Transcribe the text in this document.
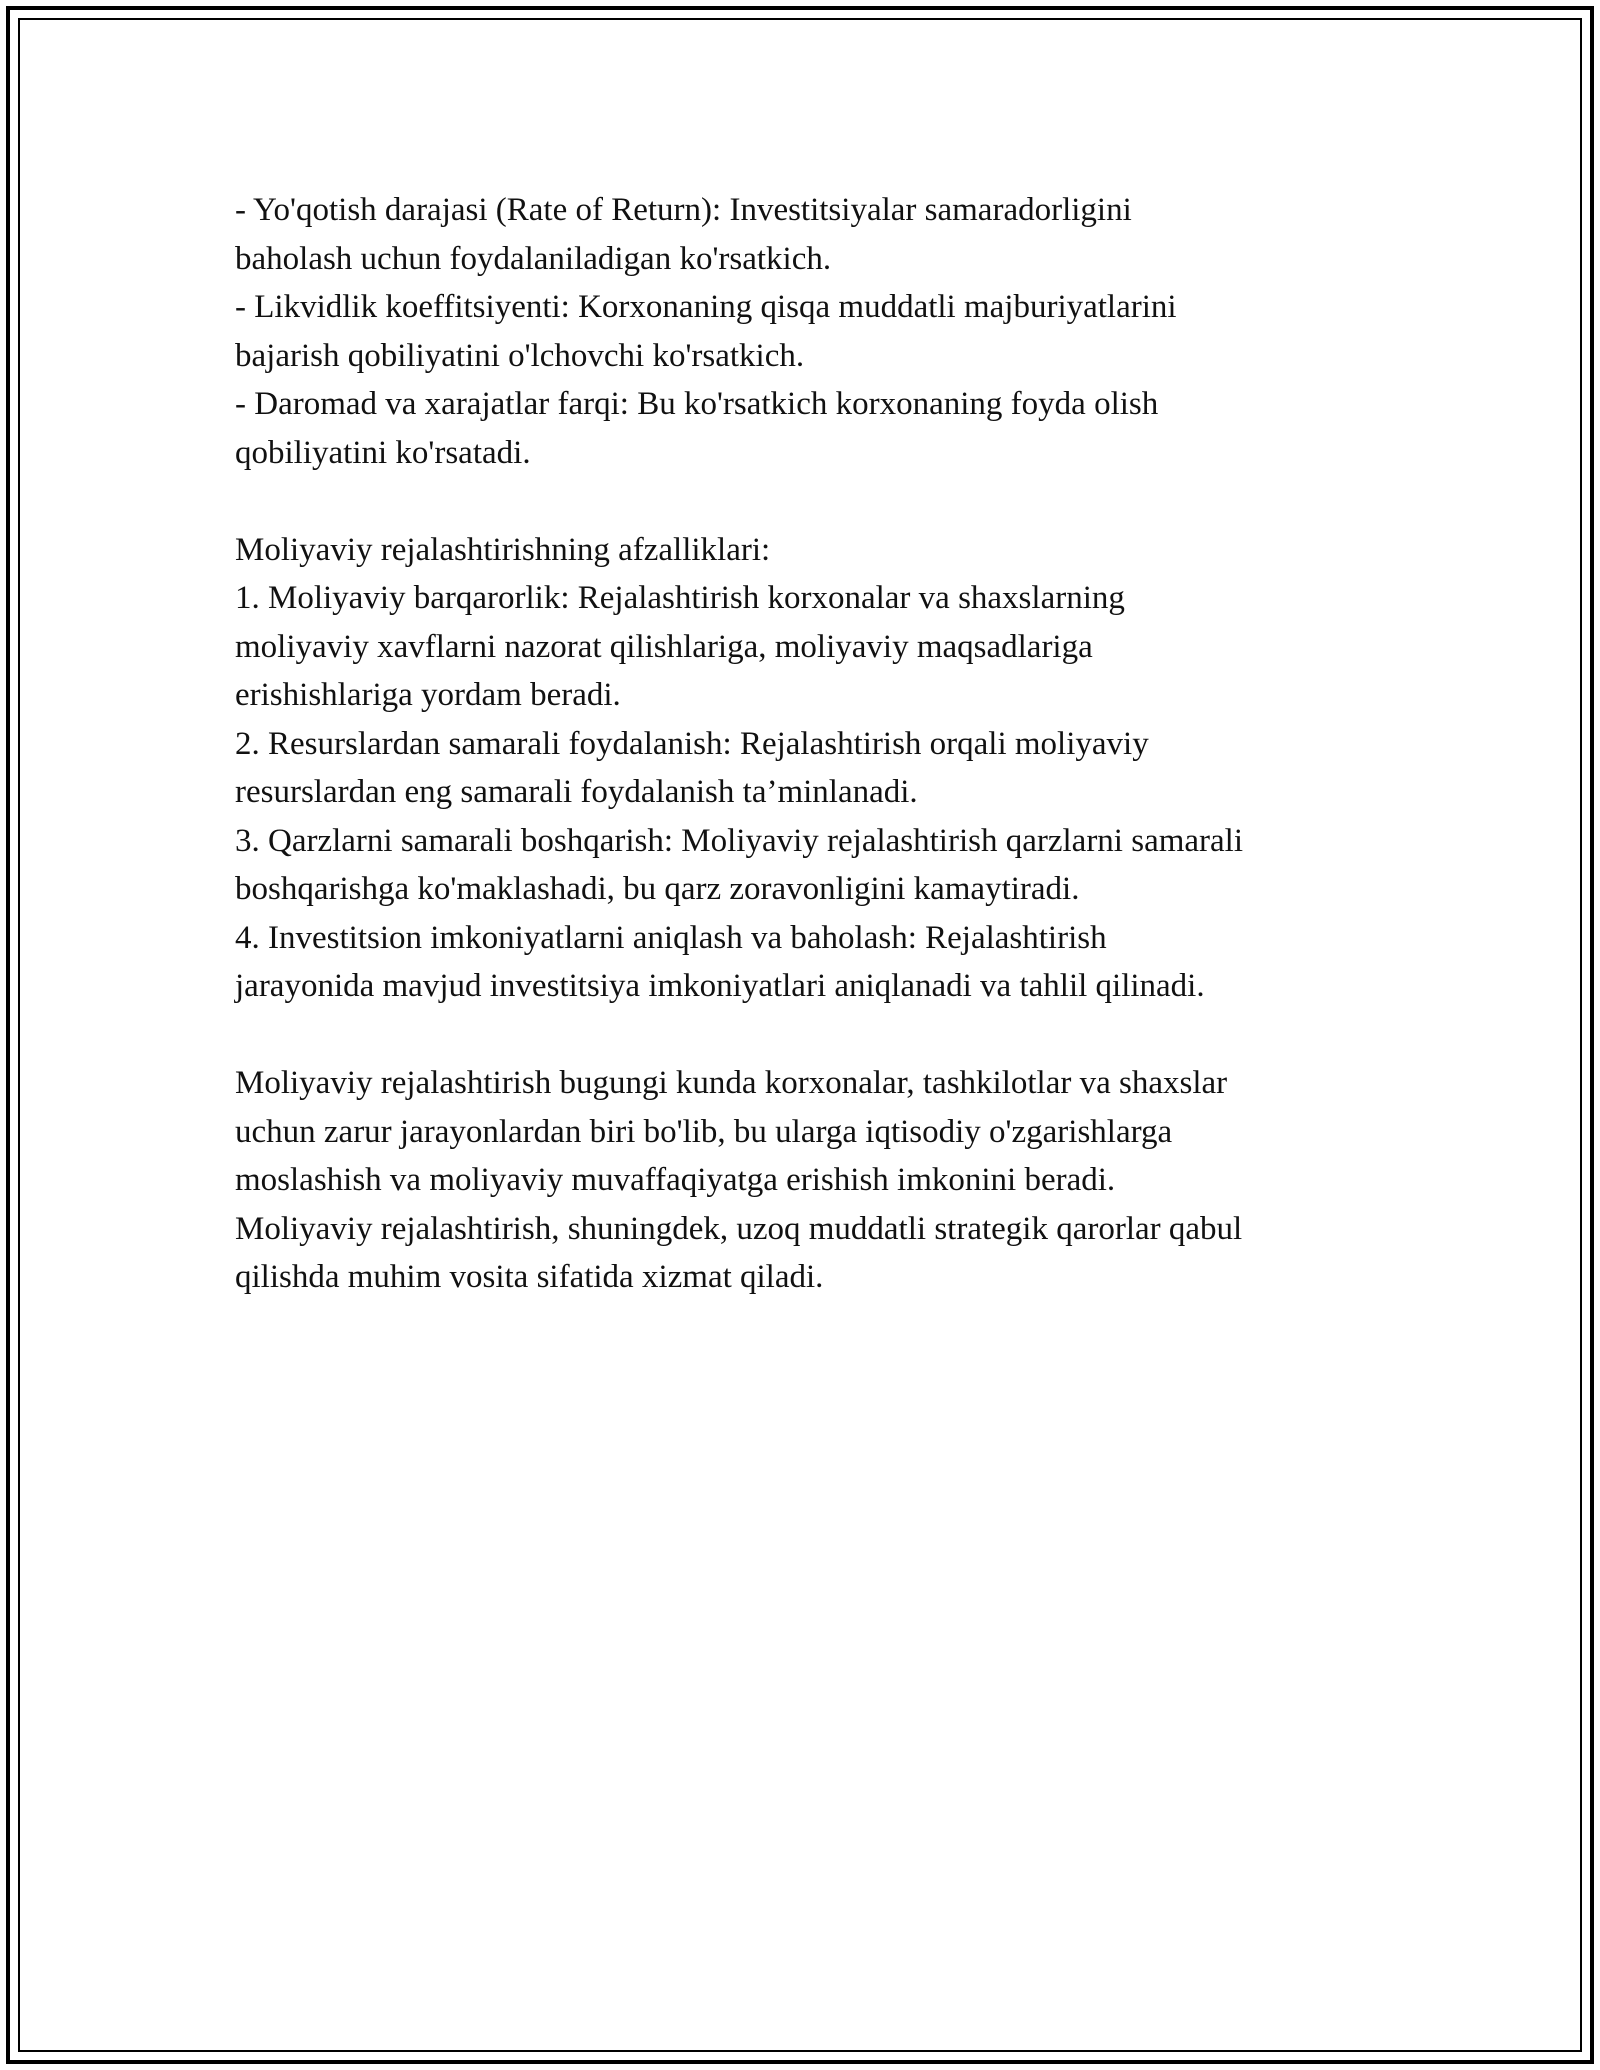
- Yo'qotish darajasi (Rate of Return): Investitsiyalar samaradorligini
baholash uchun foydalaniladigan ko'rsatkich.
- Likvidlik koeffitsiyenti: Korxonaning qisqa muddatli majburiyatlarini
bajarish qobiliyatini o'lchovchi ko'rsatkich.
- Daromad va xarajatlar farqi: Bu ko'rsatkich korxonaning foyda olish
qobiliyatini ko'rsatadi.
Moliyaviy rejalashtirishning afzalliklari:
1. Moliyaviy barqarorlik: Rejalashtirish korxonalar va shaxslarning
moliyaviy xavflarni nazorat qilishlariga, moliyaviy maqsadlariga
erishishlariga yordam beradi.
2. Resurslardan samarali foydalanish: Rejalashtirish orqali moliyaviy
resurslardan eng samarali foydalanish ta’minlanadi.
3. Qarzlarni samarali boshqarish: Moliyaviy rejalashtirish qarzlarni samarali
boshqarishga ko'maklashadi, bu qarz zoravonligini kamaytiradi.
4. Investitsion imkoniyatlarni aniqlash va baholash: Rejalashtirish
jarayonida mavjud investitsiya imkoniyatlari aniqlanadi va tahlil qilinadi.
Moliyaviy rejalashtirish bugungi kunda korxonalar, tashkilotlar va shaxslar
uchun zarur jarayonlardan biri bo'lib, bu ularga iqtisodiy o'zgarishlarga
moslashish va moliyaviy muvaffaqiyatga erishish imkonini beradi.
Moliyaviy rejalashtirish, shuningdek, uzoq muddatli strategik qarorlar qabul
qilishda muhim vosita sifatida xizmat qiladi.
